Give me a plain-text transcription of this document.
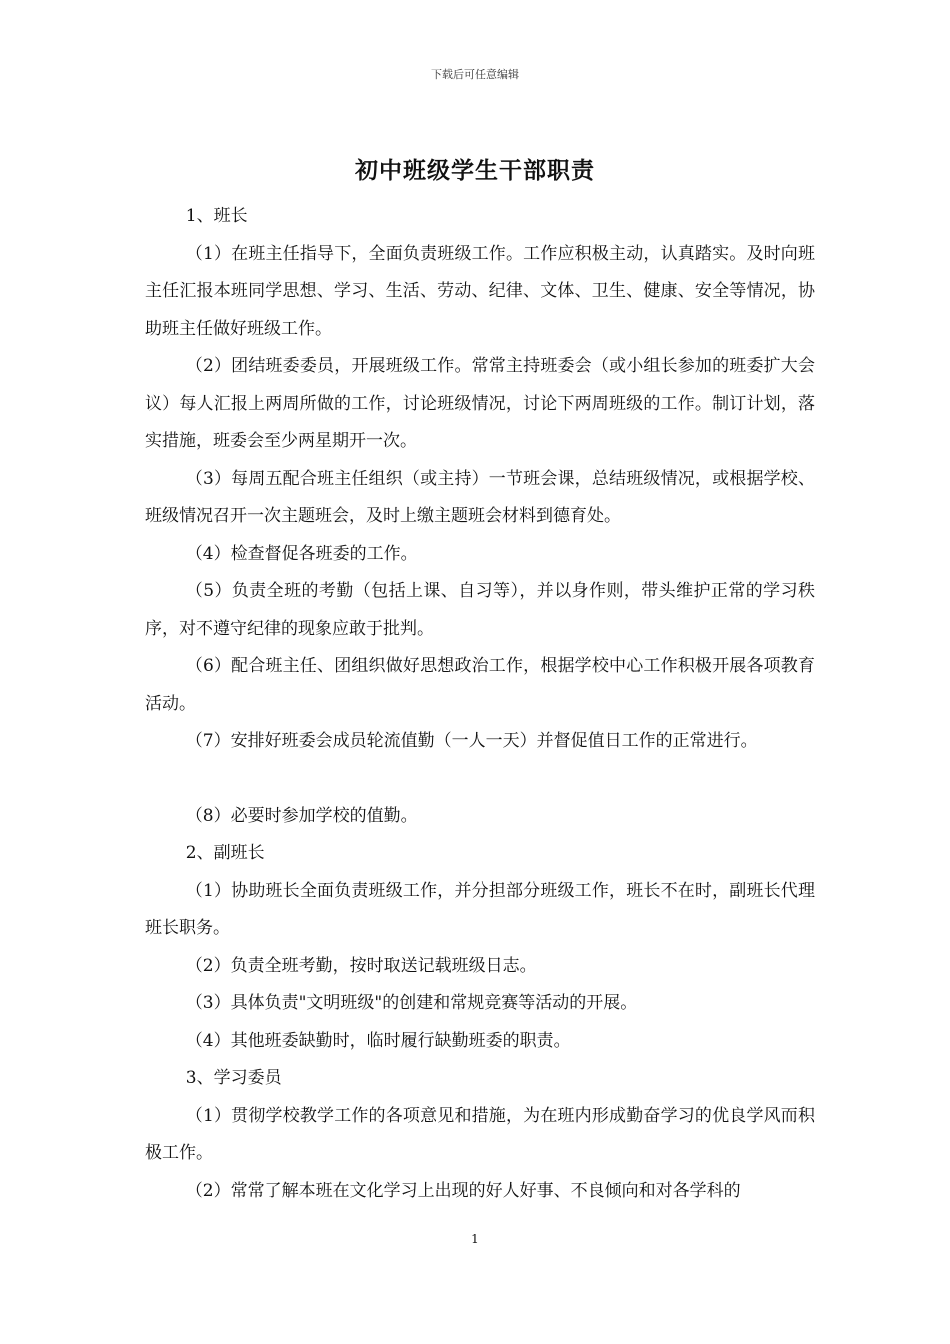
下载后可任意编辑
初中班级学生干部职责

1、班长

（1）在班主任指导下，全面负责班级工作。工作应积极主动，认真踏实。及时向班主任汇报本班同学思想、学习、生活、劳动、纪律、文体、卫生、健康、安全等情况，协助班主任做好班级工作。

（2）团结班委委员，开展班级工作。常常主持班委会（或小组长参加的班委扩大会议）每人汇报上两周所做的工作，讨论班级情况，讨论下两周班级的工作。制订计划，落实措施，班委会至少两星期开一次。

（3）每周五配合班主任组织（或主持）一节班会课，总结班级情况，或根据学校、班级情况召开一次主题班会，及时上缴主题班会材料到德育处。

（4）检查督促各班委的工作。

（5）负责全班的考勤（包括上课、自习等），并以身作则，带头维护正常的学习秩序，对不遵守纪律的现象应敢于批判。

（6）配合班主任、团组织做好思想政治工作，根据学校中心工作积极开展各项教育活动。

（7）安排好班委会成员轮流值勤（一人一天）并督促值日工作的正常进行。

（8）必要时参加学校的值勤。

2、副班长

（1）协助班长全面负责班级工作，并分担部分班级工作，班长不在时，副班长代理班长职务。

（2）负责全班考勤，按时取送记载班级日志。

（3）具体负责"文明班级"的创建和常规竞赛等活动的开展。

（4）其他班委缺勤时，临时履行缺勤班委的职责。

3、学习委员

（1）贯彻学校教学工作的各项意见和措施，为在班内形成勤奋学习的优良学风而积极工作。

（2）常常了解本班在文化学习上出现的好人好事、不良倾向和对各学科的

1
